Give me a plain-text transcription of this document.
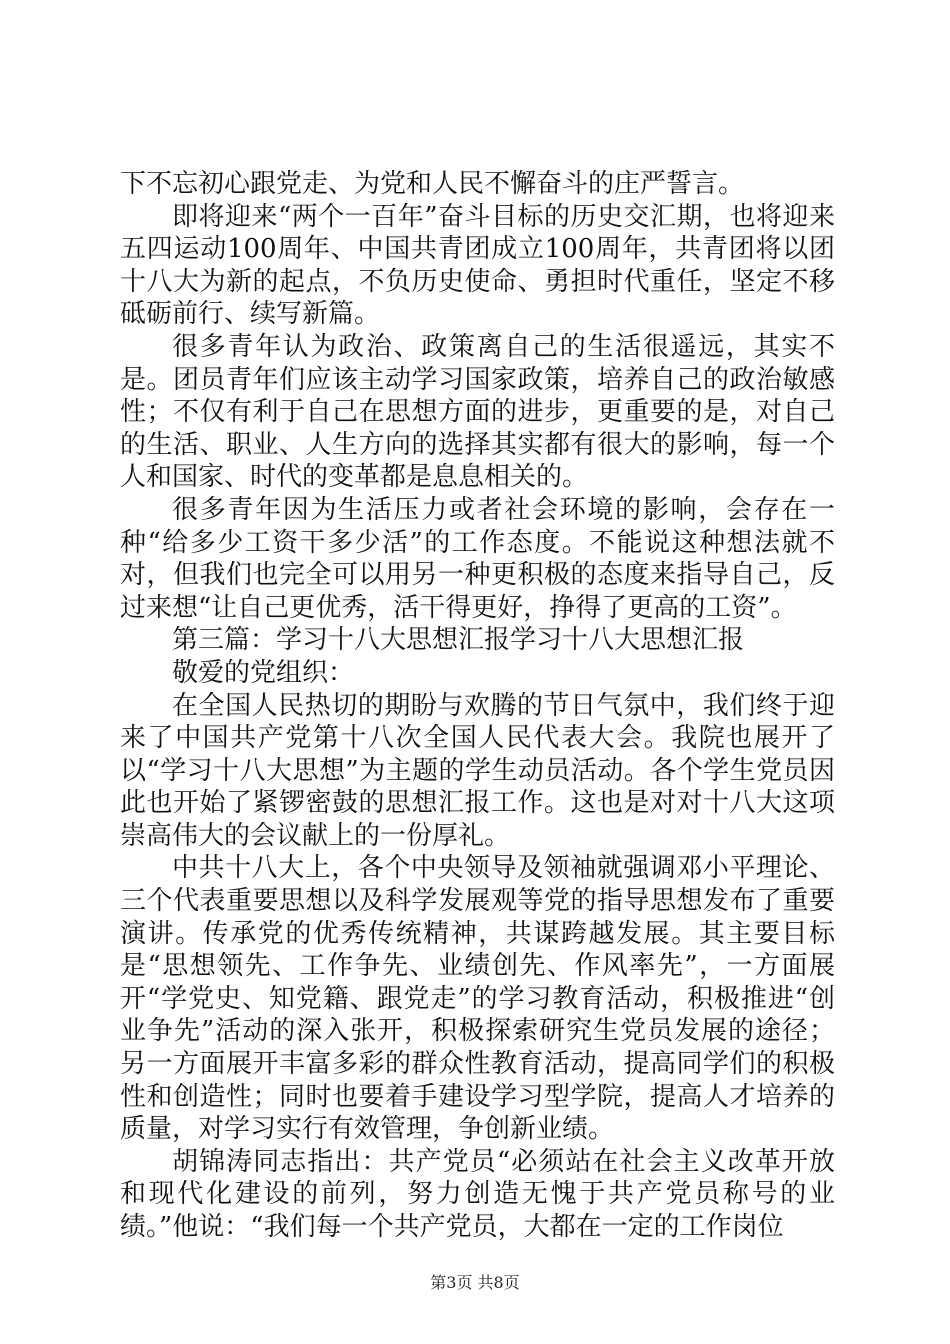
下不忘初心跟党走、为党和人民不懈奋斗的庄严誓言。

即将迎来“两个一百年”奋斗目标的历史交汇期，也将迎来五四运动100周年、中国共青团成立100周年，共青团将以团十八大为新的起点，不负历史使命、勇担时代重任，坚定不移砥砺前行、续写新篇。

很多青年认为政治、政策离自己的生活很遥远，其实不是。团员青年们应该主动学习国家政策，培养自己的政治敏感性；不仅有利于自己在思想方面的进步，更重要的是，对自己的生活、职业、人生方向的选择其实都有很大的影响，每一个人和国家、时代的变革都是息息相关的。

很多青年因为生活压力或者社会环境的影响，会存在一种“给多少工资干多少活”的工作态度。不能说这种想法就不对，但我们也完全可以用另一种更积极的态度来指导自己，反过来想“让自己更优秀，活干得更好，挣得了更高的工资”。

第三篇：学习十八大思想汇报学习十八大思想汇报

敬爱的党组织：

在全国人民热切的期盼与欢腾的节日气氛中，我们终于迎来了中国共产党第十八次全国人民代表大会。我院也展开了以“学习十八大思想”为主题的学生动员活动。各个学生党员因此也开始了紧锣密鼓的思想汇报工作。这也是对对十八大这项崇高伟大的会议献上的一份厚礼。

中共十八大上，各个中央领导及领袖就强调邓小平理论、三个代表重要思想以及科学发展观等党的指导思想发布了重要演讲。传承党的优秀传统精神，共谋跨越发展。其主要目标是“思想领先、工作争先、业绩创先、作风率先”，一方面展开“学党史、知党籍、跟党走”的学习教育活动，积极推进“创业争先”活动的深入张开，积极探索研究生党员发展的途径；另一方面展开丰富多彩的群众性教育活动，提高同学们的积极性和创造性；同时也要着手建设学习型学院，提高人才培养的质量，对学习实行有效管理，争创新业绩。

胡锦涛同志指出：共产党员“必须站在社会主义改革开放和现代化建设的前列，努力创造无愧于共产党员称号的业绩。”他说：“我们每一个共产党员，大都在一定的工作岗位

第3页 共8页
